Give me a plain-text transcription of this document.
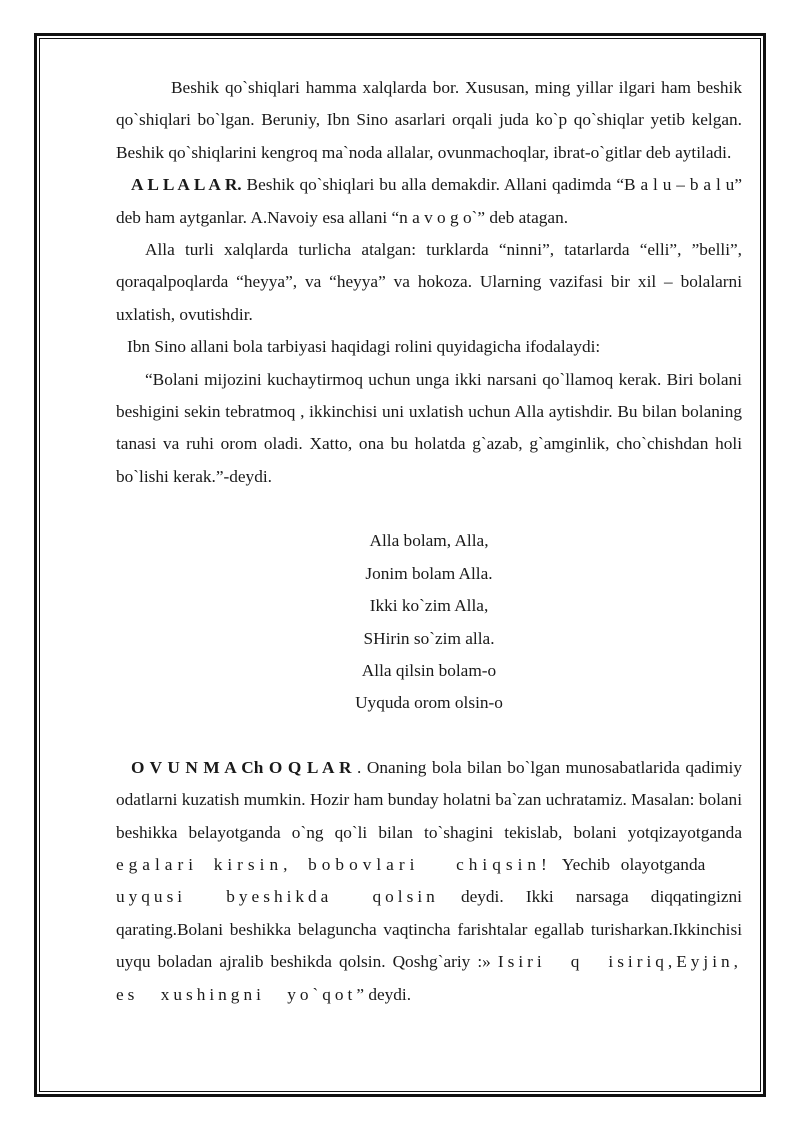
Beshik qo`shiqlari hamma xalqlarda bor. Xususan, ming yillar ilgari ham beshik qo`shiqlari bo`lgan. Beruniy, Ibn Sino asarlari orqali juda ko`p qo`shiqlar yetib kelgan. Beshik qo`shiqlarini kengroq ma`noda allalar, ovunmachoqlar, ibrat-o`gitlar deb aytiladi.

A L L A L A R. Beshik qo`shiqlari bu alla demakdir. Allani qadimda “B a l u – b a l u” deb ham aytganlar. A.Navoiy esa allani “n a v o g o`” deb atagan.

Alla turli xalqlarda turlicha atalgan: turklarda “ninni”, tatarlarda “elli”, ”belli”, qoraqalpoqlarda “heyya”, va “heyya” va hokoza. Ularning vazifasi bir xil – bolalarni uxlatish, ovutishdir.

Ibn Sino allani bola tarbiyasi haqidagi rolini quyidagicha ifodalaydi:

“Bolani mijozini kuchaytirmoq uchun unga ikki narsani qo`llamoq kerak. Biri bolani beshigini sekin tebratmoq , ikkinchisi uni uxlatish uchun Alla aytishdir. Bu bilan bolaning tanasi va ruhi orom oladi. Xatto, ona bu holatda g`azab, g`amginlik, cho`chishdan holi bo`lishi kerak.”-deydi.

Alla bolam, Alla,
Jonim bolam Alla.
Ikki ko`zim Alla,
SHirin so`zim alla.
Alla qilsin bolam-o
Uyquda orom olsin-o

O V U N M A Ch O Q L A R . Onaning bola bilan bo`lgan munosabatlarida qadimiy odatlarni kuzatish mumkin. Hozir ham bunday holatni ba`zan uchratamiz. Masalan: bolani beshikka belayotganda o`ng qo`li bilan to`shagini tekislab, bolani yotqizayotganda egalari kirsin, bobovlari chiqsin! Yechib olayotganda uyqusi byeshikda qolsin deydi. Ikki narsaga diqqatingizni qarating.Bolani beshikka belaguncha vaqtincha farishtalar egallab turisharkan.Ikkinchisi uyqu boladan ajralib beshikda qolsin. Qoshg`ariy :» Isiri q isiriq,Eyjin, es xushingni yo`qot” deydi.
